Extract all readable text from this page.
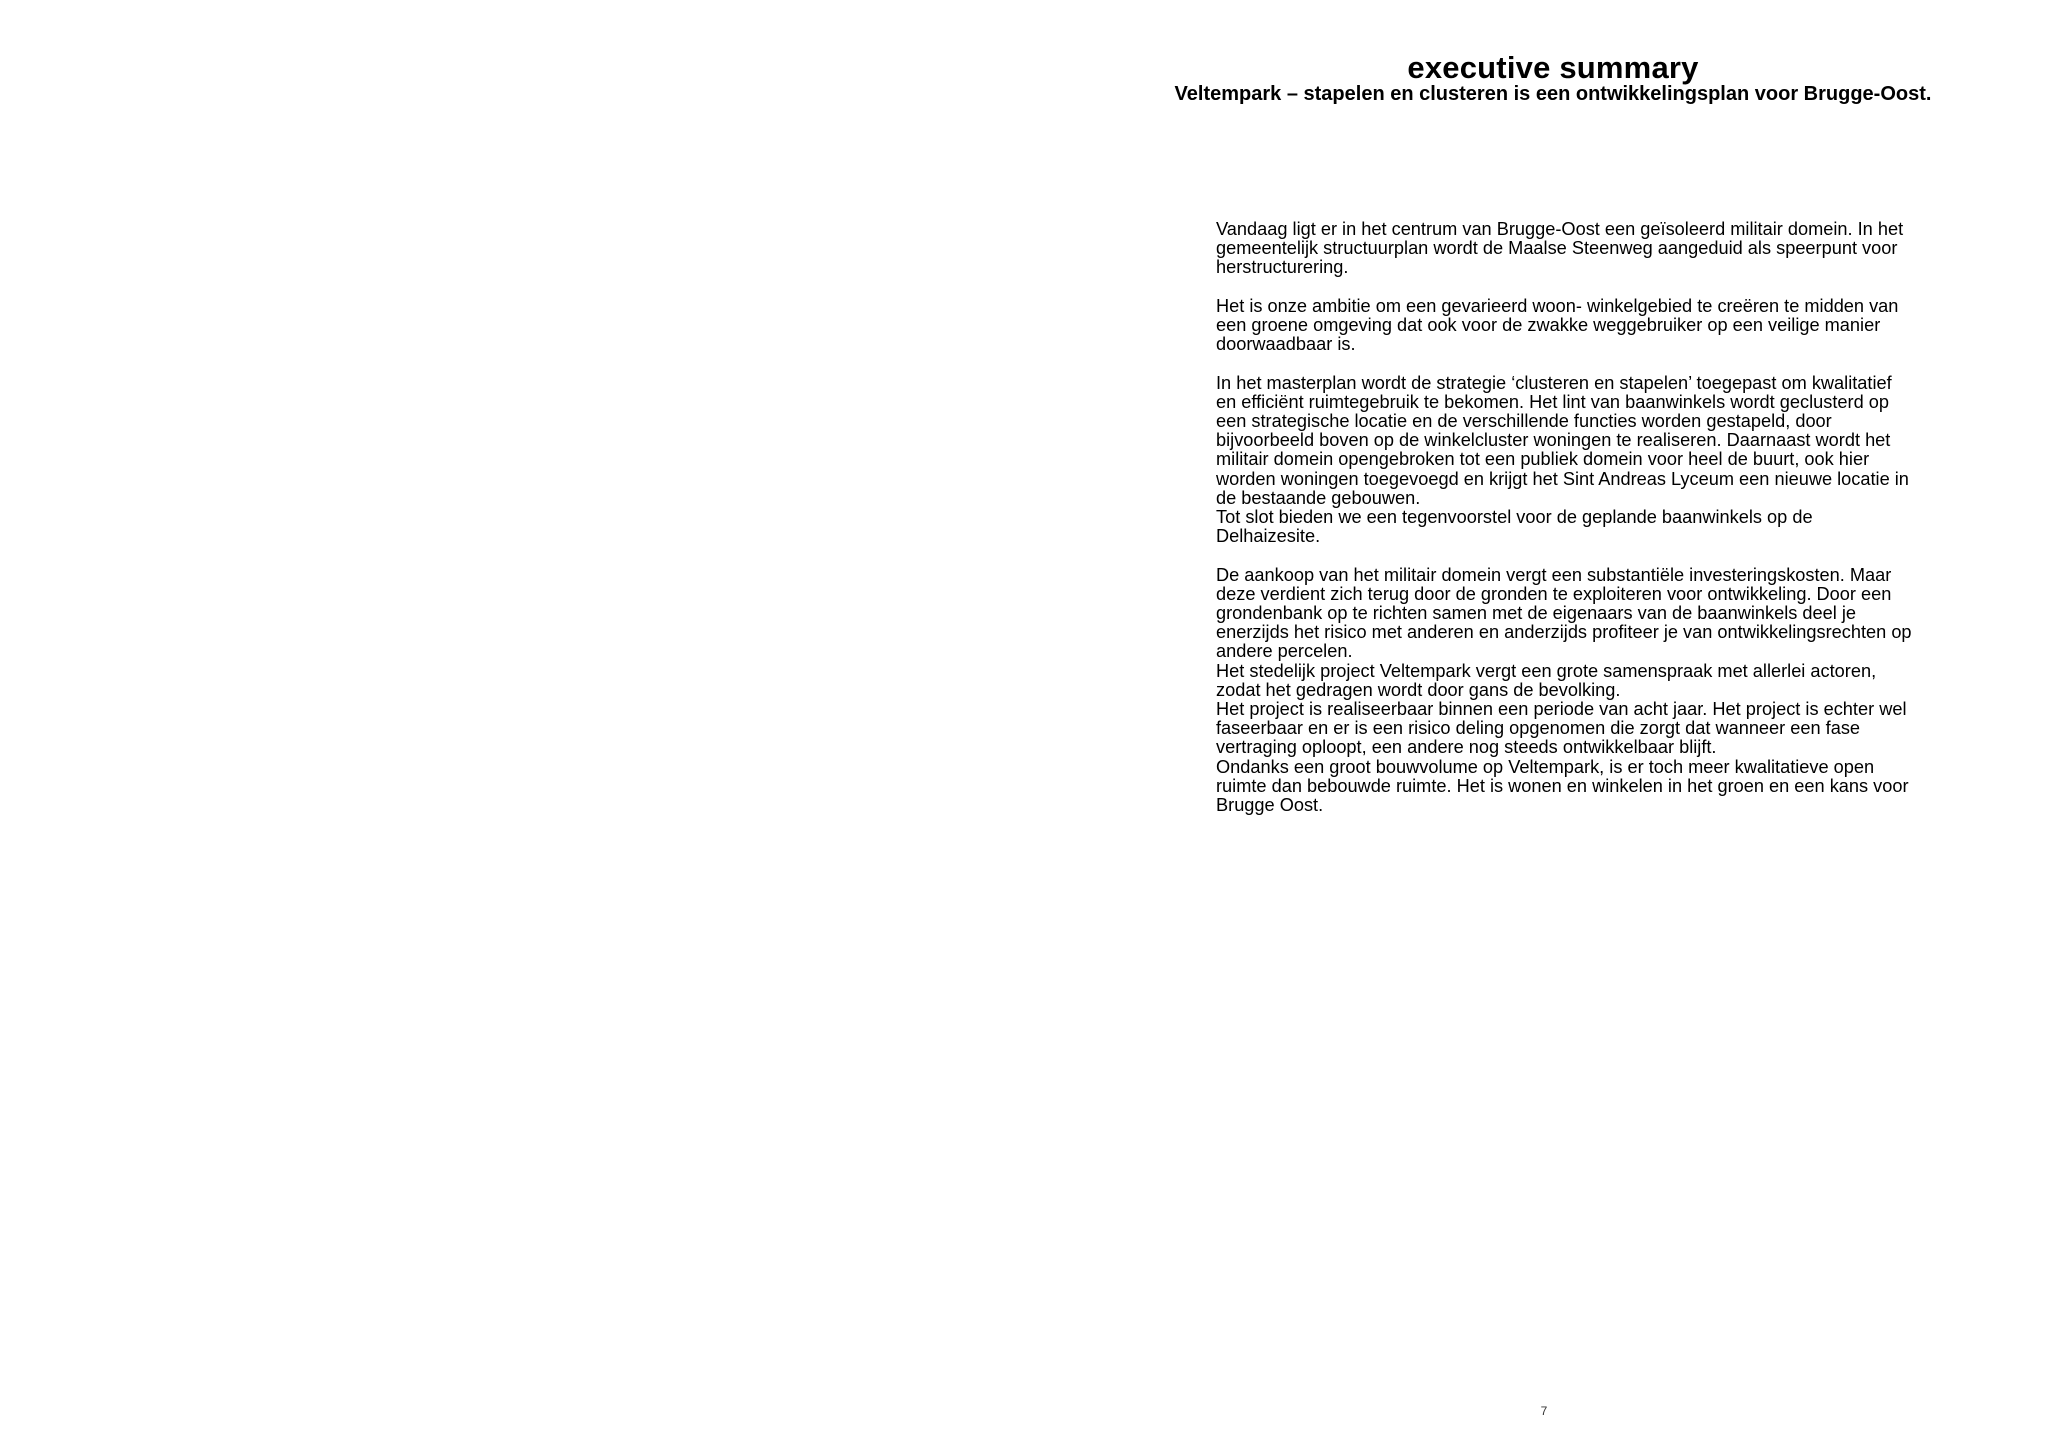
executive summary
Veltempark – stapelen en clusteren is een ontwikkelingsplan voor Brugge-Oost.

Vandaag ligt er in het centrum van Brugge-Oost een geïsoleerd militair domein. In het gemeentelijk structuurplan wordt de Maalse Steenweg aangeduid als speerpunt voor herstructurering.

Het is onze ambitie om een gevarieerd woon- winkelgebied te creëren te midden van een groene omgeving dat ook voor de zwakke weggebruiker op een veilige manier doorwaadbaar is.

In het masterplan wordt de strategie ‘clusteren en stapelen’ toegepast om kwalitatief en efficiënt ruimtegebruik te bekomen. Het lint van baanwinkels wordt geclusterd op een strategische locatie en de verschillende functies worden gestapeld, door bijvoorbeeld boven op de winkelcluster woningen te realiseren. Daarnaast wordt het militair domein opengebroken tot een publiek domein voor heel de buurt, ook hier worden woningen toegevoegd en krijgt het Sint Andreas Lyceum een nieuwe locatie in de bestaande gebouwen.

Tot slot bieden we een tegenvoorstel voor de geplande baanwinkels op de Delhaizesite.

De aankoop van het militair domein vergt een substantiële investeringskosten. Maar deze verdient zich terug door de gronden te exploiteren voor ontwikkeling. Door een grondenbank op te richten samen met de eigenaars van de baanwinkels deel je enerzijds het risico met anderen en anderzijds profiteer je van ontwikkelingsrechten op andere percelen.

Het stedelijk project Veltempark vergt een grote samenspraak met allerlei actoren, zodat het gedragen wordt door gans de bevolking.

Het project is realiseerbaar binnen een periode van acht jaar. Het project is echter wel faseerbaar en er is een risico deling opgenomen die zorgt dat wanneer een fase vertraging oploopt, een andere nog steeds ontwikkelbaar blijft.

Ondanks een groot bouwvolume op Veltempark, is er toch meer kwalitatieve open ruimte dan bebouwde ruimte. Het is wonen en winkelen in het groen en een kans voor Brugge Oost.

7
